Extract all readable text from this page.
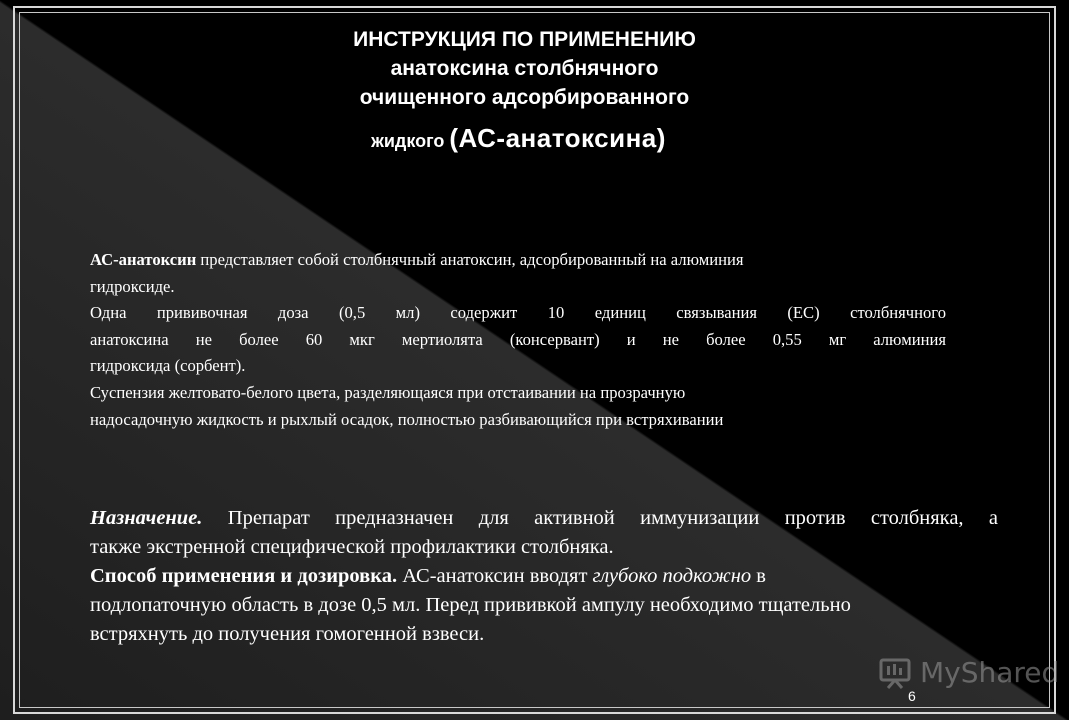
ИНСТРУКЦИЯ ПО ПРИМЕНЕНИЮ
анатоксина столбнячного
очищенного адсорбированного
жидкого (АС-анатоксина)

АС-анатоксин представляет собой столбнячный анатоксин, адсорбированный на алюминия

гидроксиде.

Одна прививочная доза (0,5 мл) содержит 10 единиц связывания (ЕС) столбнячного

анатоксина не более 60 мкг мертиолята (консервант) и не более 0,55 мг алюминия

гидроксида (сорбент).

Суспензия желтовато-белого цвета, разделяющаяся при отстаивании на прозрачную

надосадочную жидкость и рыхлый осадок, полностью разбивающийся при встряхивании

Назначение. Препарат предназначен для активной иммунизации против столбняка, а

также экстренной специфической профилактики столбняка.

Способ применения и дозировка. АС-анатоксин вводят глубоко подкожно в

подлопаточную область в дозе 0,5 мл. Перед прививкой ампулу необходимо тщательно

встряхнуть до получения гомогенной взвеси.

MyShared
6
